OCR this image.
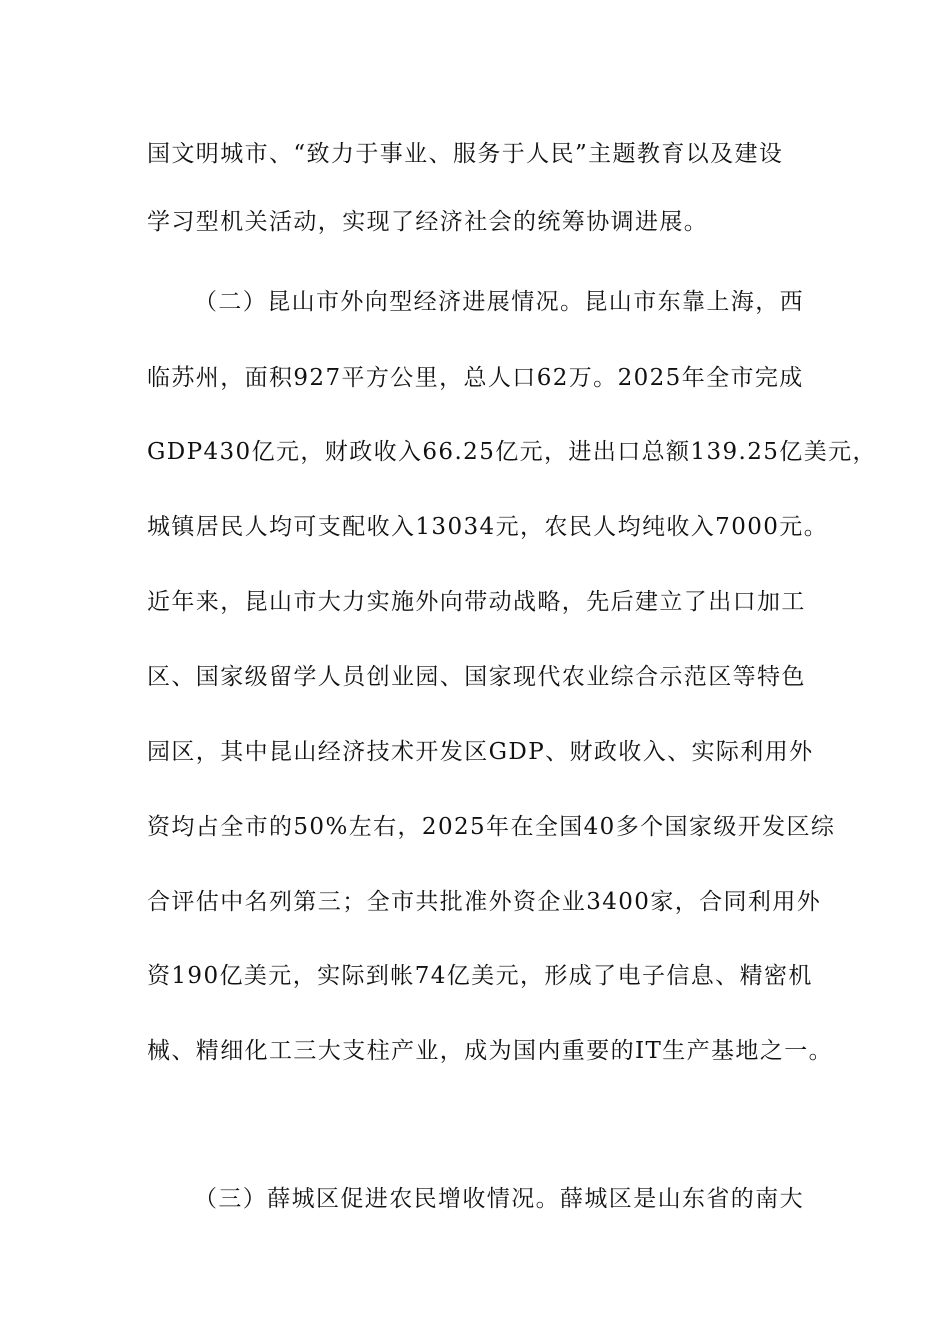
国文明城市、“致力于事业、服务于人民”主题教育以及建设
学习型机关活动，实现了经济社会的统筹协调进展。
（二）昆山市外向型经济进展情况。昆山市东靠上海，西
临苏州，面积927平方公里，总人口62万。2025年全市完成
GDP430亿元，财政收入66.25亿元，进出口总额139.25亿美元，
城镇居民人均可支配收入13034元，农民人均纯收入7000元。
近年来，昆山市大力实施外向带动战略，先后建立了出口加工
区、国家级留学人员创业园、国家现代农业综合示范区等特色
园区，其中昆山经济技术开发区GDP、财政收入、实际利用外
资均占全市的50%左右，2025年在全国40多个国家级开发区综
合评估中名列第三；全市共批准外资企业3400家，合同利用外
资190亿美元，实际到帐74亿美元，形成了电子信息、精密机
械、精细化工三大支柱产业，成为国内重要的IT生产基地之一。
（三）薛城区促进农民增收情况。薛城区是山东省的南大
